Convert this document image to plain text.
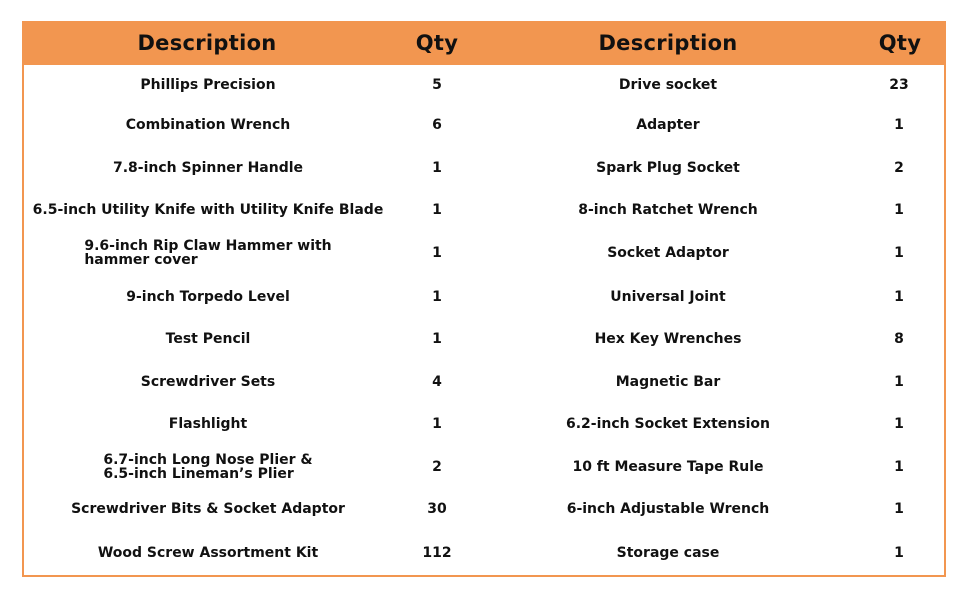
Description	Qty	Description	Qty

Phillips Precision	5	Drive socket	23

Combination Wrench	6	Adapter	1

7.8-inch Spinner Handle	1	Spark Plug Socket	2

6.5-inch Utility Knife with Utility Knife Blade	1	8-inch Ratchet Wrench	1

9.6-inch Rip Claw Hammer with
hammer cover	1	Socket Adaptor	1

9-inch Torpedo Level	1	Universal Joint	1

Test Pencil	1	Hex Key Wrenches	8

Screwdriver Sets	4	Magnetic Bar	1

Flashlight	1	6.2-inch Socket Extension	1

6.7-inch Long Nose Plier &
6.5-inch Lineman’s Plier	2	10 ft Measure Tape Rule	1

Screwdriver Bits & Socket Adaptor	30	6-inch Adjustable Wrench	1

Wood Screw Assortment Kit	112	Storage case	1
